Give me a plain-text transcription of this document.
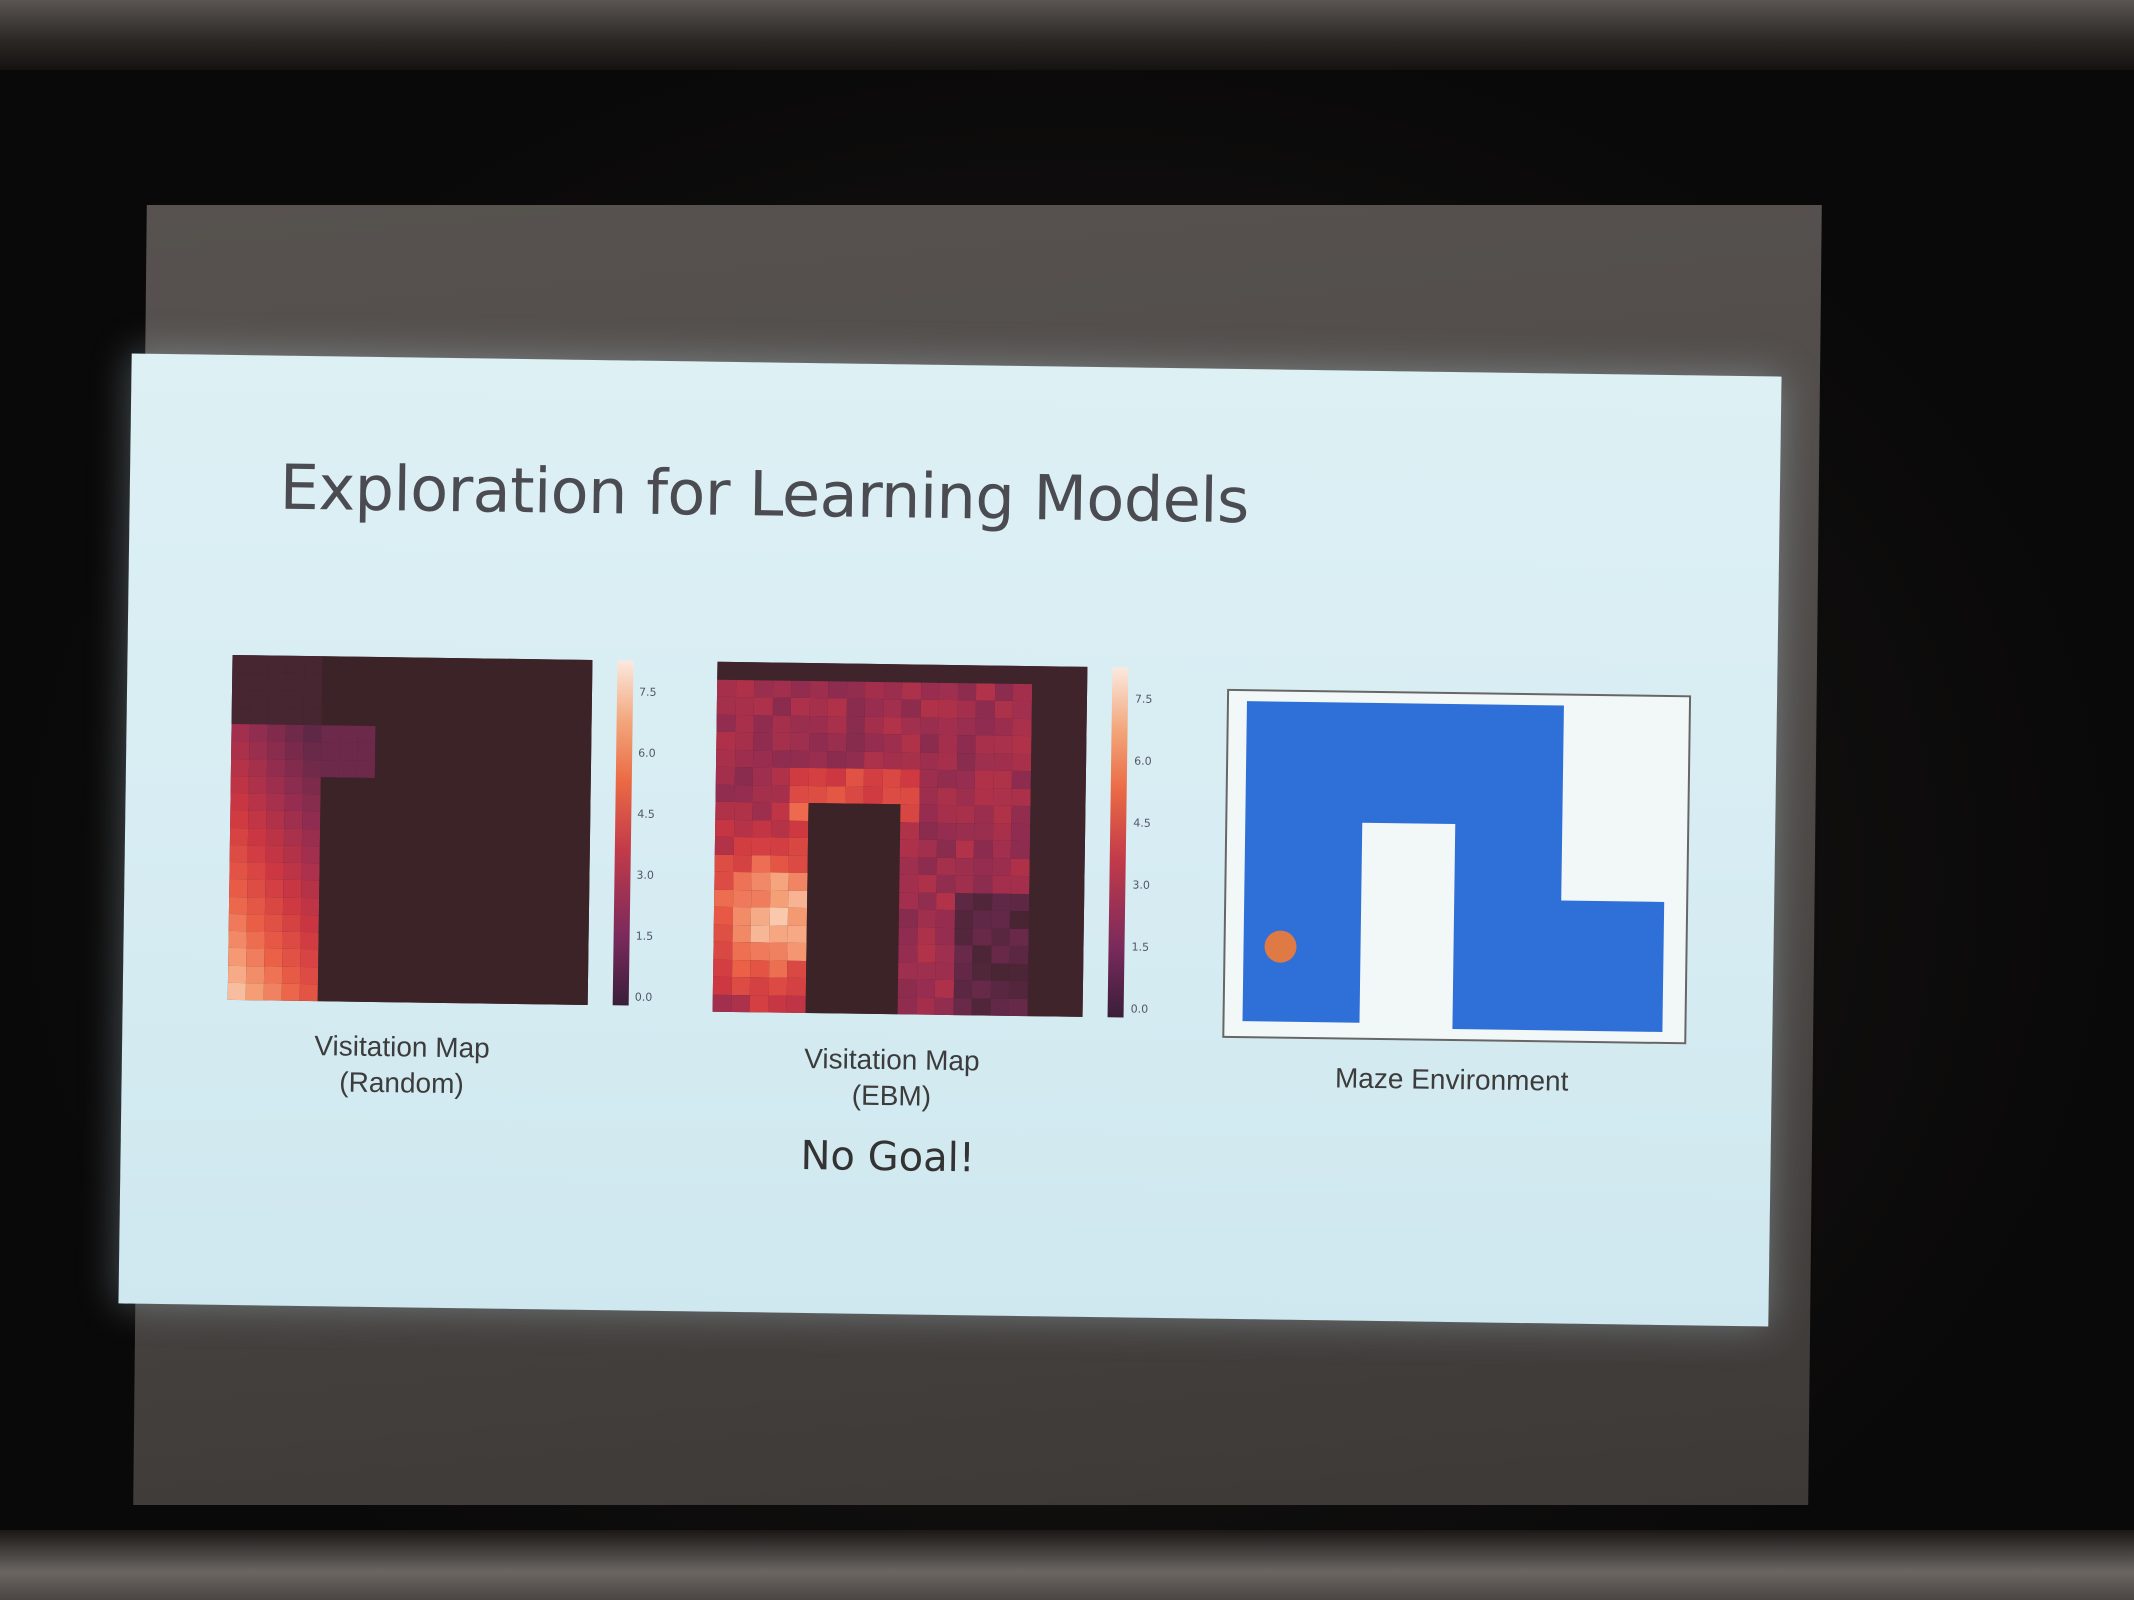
Exploration for Learning Models
7.5
6.0
4.5
3.0
1.5
0.0
Visitation Map
(Random)
7.5
6.0
4.5
3.0
1.5
0.0
Visitation Map
(EBM)	Maze Environment
No Goal!
